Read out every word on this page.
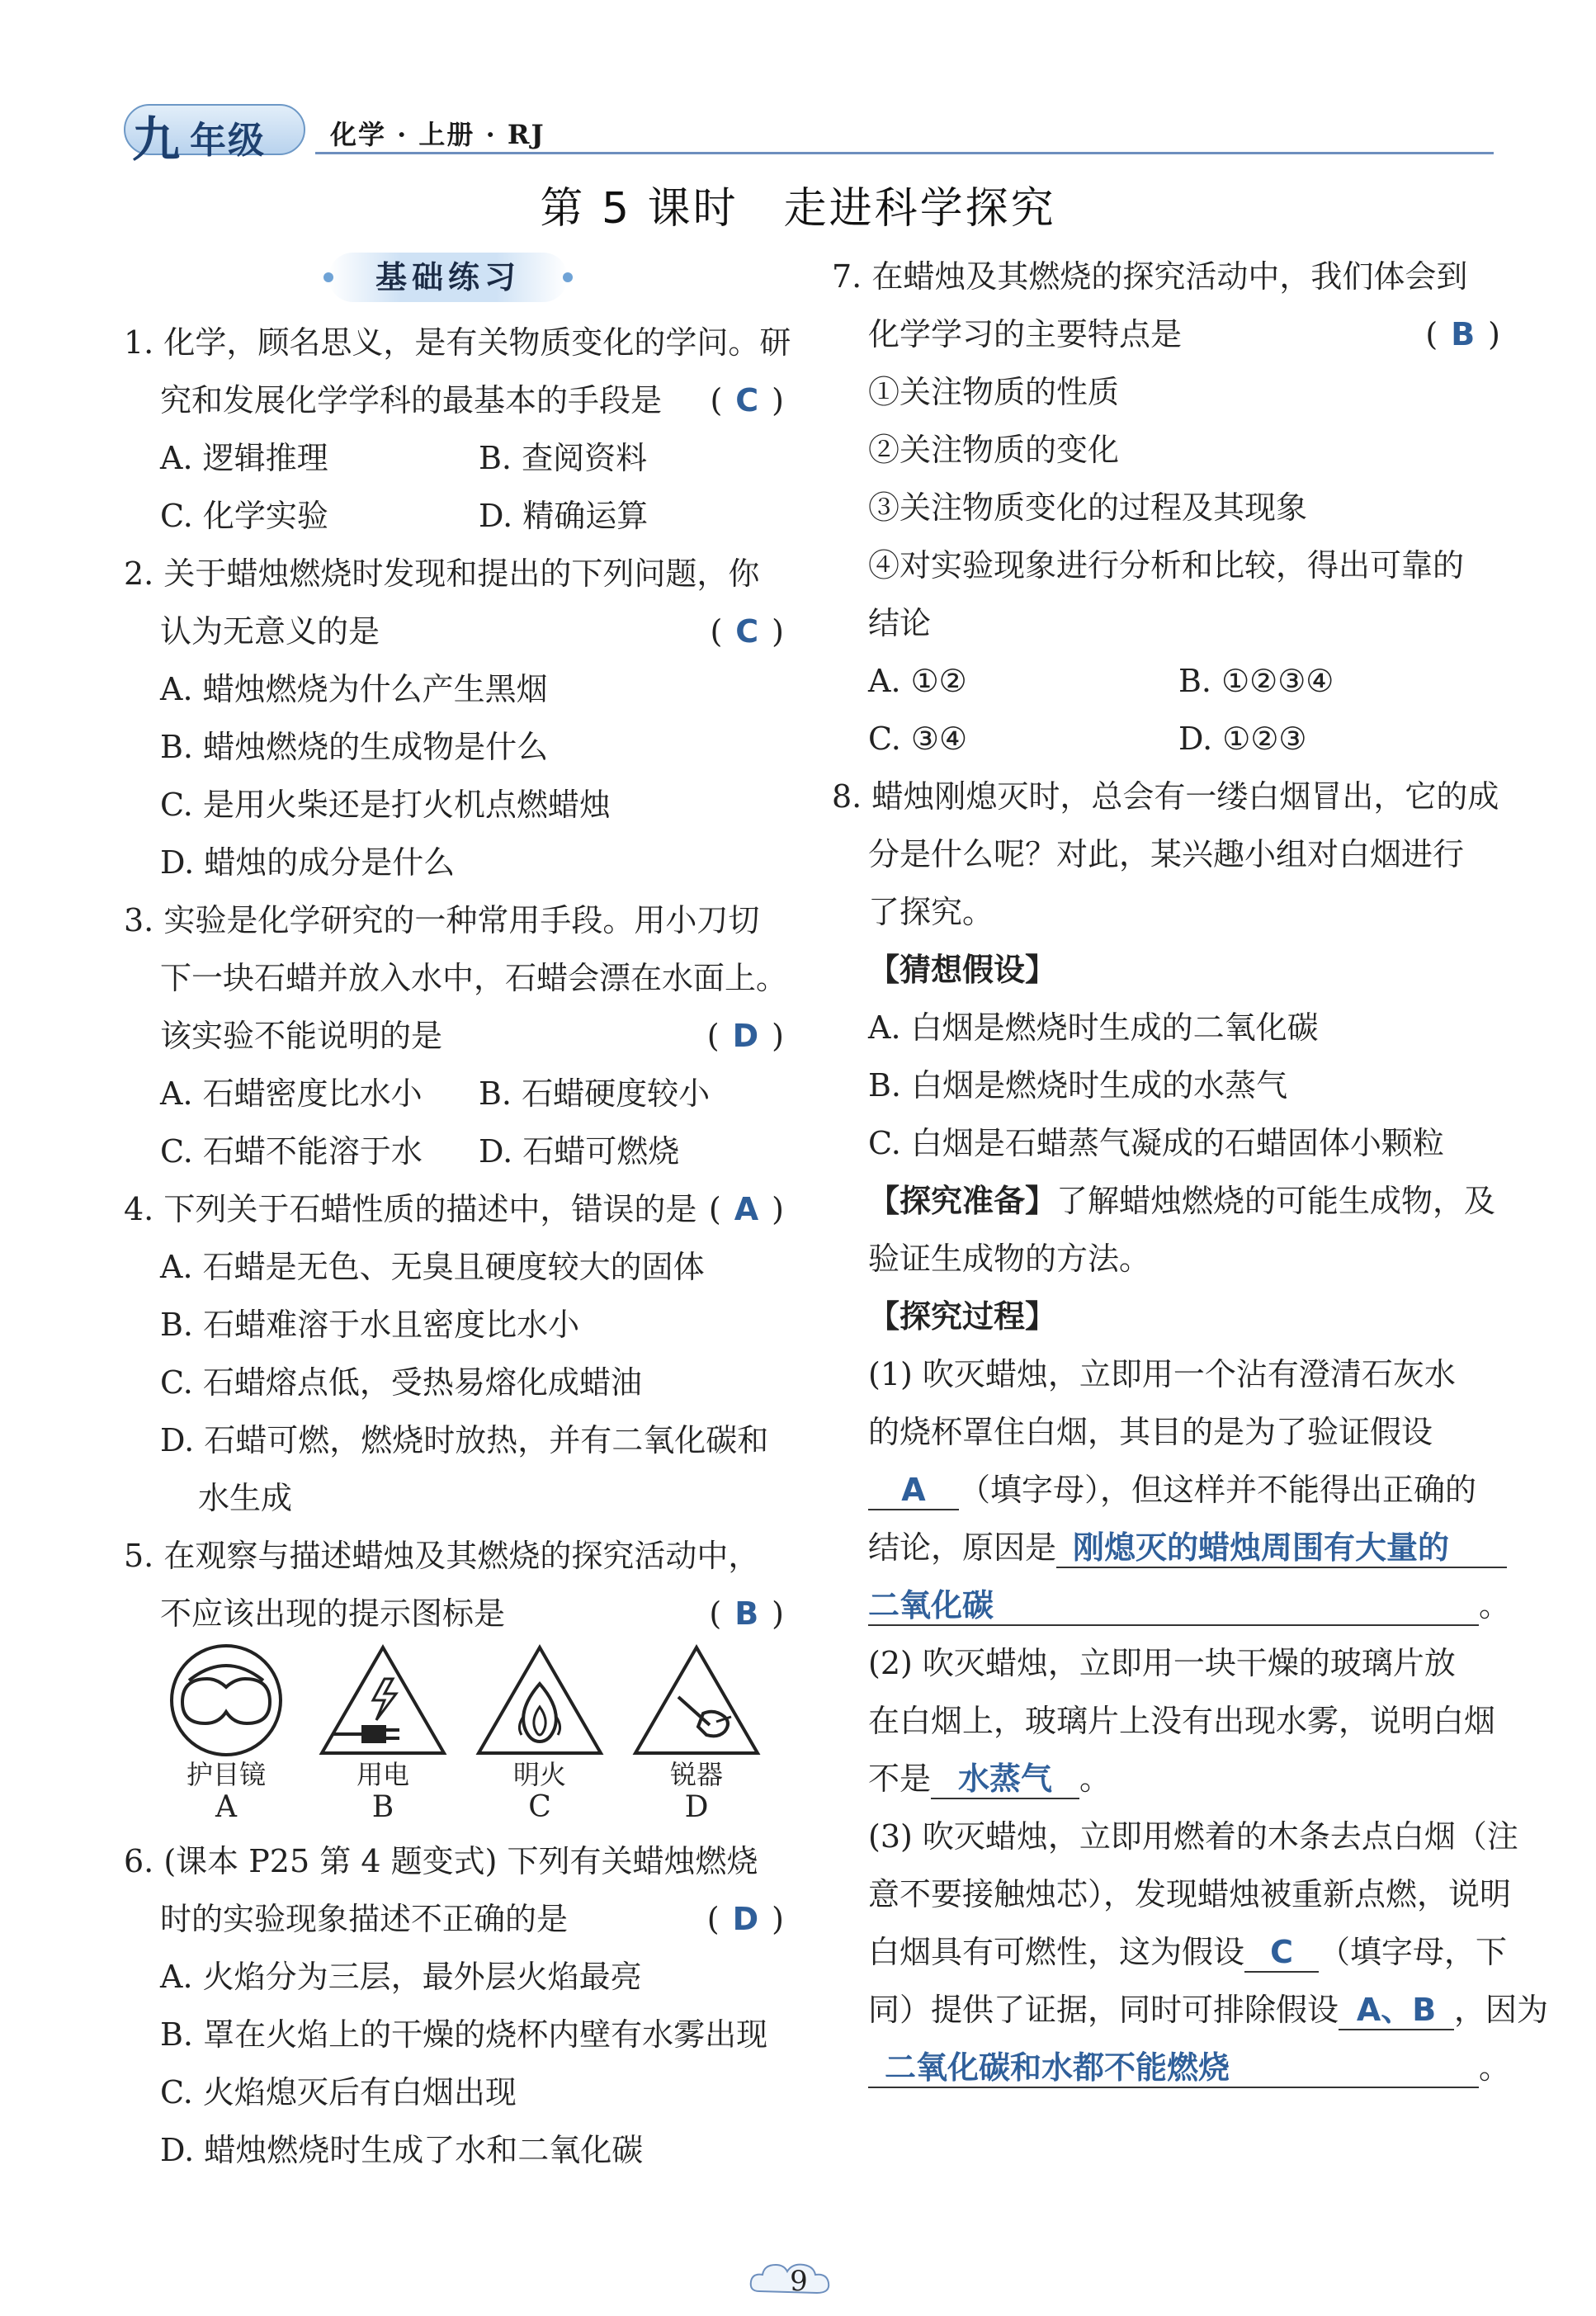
九 年级 化学 · 上册 · RJ
第 5 课时　走进科学探究
基础练习
1. 化学，顾名思义，是有关物质变化的学问。研
究和发展化学学科的最基本的手段是 ( C )
A. 逻辑推理	B. 查阅资料
C. 化学实验	D. 精确运算
2. 关于蜡烛燃烧时发现和提出的下列问题，你
认为无意义的是	( C )
A. 蜡烛燃烧为什么产生黑烟
B. 蜡烛燃烧的生成物是什么
C. 是用火柴还是打火机点燃蜡烛
D. 蜡烛的成分是什么
3. 实验是化学研究的一种常用手段。用小刀切
下一块石蜡并放入水中，石蜡会漂在水面上。
该实验不能说明的是	( D )
A. 石蜡密度比水小 B. 石蜡硬度较小
C. 石蜡不能溶于水 D. 石蜡可燃烧
4. 下列关于石蜡性质的描述中，错误的是 ( A )
A. 石蜡是无色、无臭且硬度较大的固体
B. 石蜡难溶于水且密度比水小
C. 石蜡熔点低，受热易熔化成蜡油
D. 石蜡可燃，燃烧时放热，并有二氧化碳和
水生成
5. 在观察与描述蜡烛及其燃烧的探究活动中，
不应该出现的提示图标是	( B )
护目镜
A
用电
B
明火
C
锐器
D
6. (课本 P25 第 4 题变式) 下列有关蜡烛燃烧
时的实验现象描述不正确的是	( D )
A. 火焰分为三层，最外层火焰最亮
B. 罩在火焰上的干燥的烧杯内壁有水雾出现
C. 火焰熄灭后有白烟出现
D. 蜡烛燃烧时生成了水和二氧化碳
7. 在蜡烛及其燃烧的探究活动中，我们体会到
化学学习的主要特点是	( B )
①关注物质的性质
②关注物质的变化
③关注物质变化的过程及其现象
④对实验现象进行分析和比较，得出可靠的
结论
A. ①②	B. ①②③④
C. ③④	D. ①②③
8. 蜡烛刚熄灭时，总会有一缕白烟冒出，它的成
分是什么呢？对此，某兴趣小组对白烟进行
了探究。
【猜想假设】
A. 白烟是燃烧时生成的二氧化碳
B. 白烟是燃烧时生成的水蒸气
C. 白烟是石蜡蒸气凝成的石蜡固体小颗粒
【探究准备】了解蜡烛燃烧的可能生成物，及
验证生成物的方法。
【探究过程】
(1) 吹灭蜡烛，立即用一个沾有澄清石灰水
的烧杯罩住白烟，其目的是为了验证假设
A （填字母），但这样并不能得出正确的
结论，原因是 刚熄灭的蜡烛周围有大量的
二氧化碳	。
(2) 吹灭蜡烛，立即用一块干燥的玻璃片放
在白烟上，玻璃片上没有出现水雾，说明白烟
不是 水蒸气 。
(3) 吹灭蜡烛，立即用燃着的木条去点白烟（注
意不要接触烛芯），发现蜡烛被重新点燃，说明
白烟具有可燃性，这为假设 C （填字母，下
同）提供了证据，同时可排除假设 A、B ，因为
二氧化碳和水都不能燃烧	。
9
